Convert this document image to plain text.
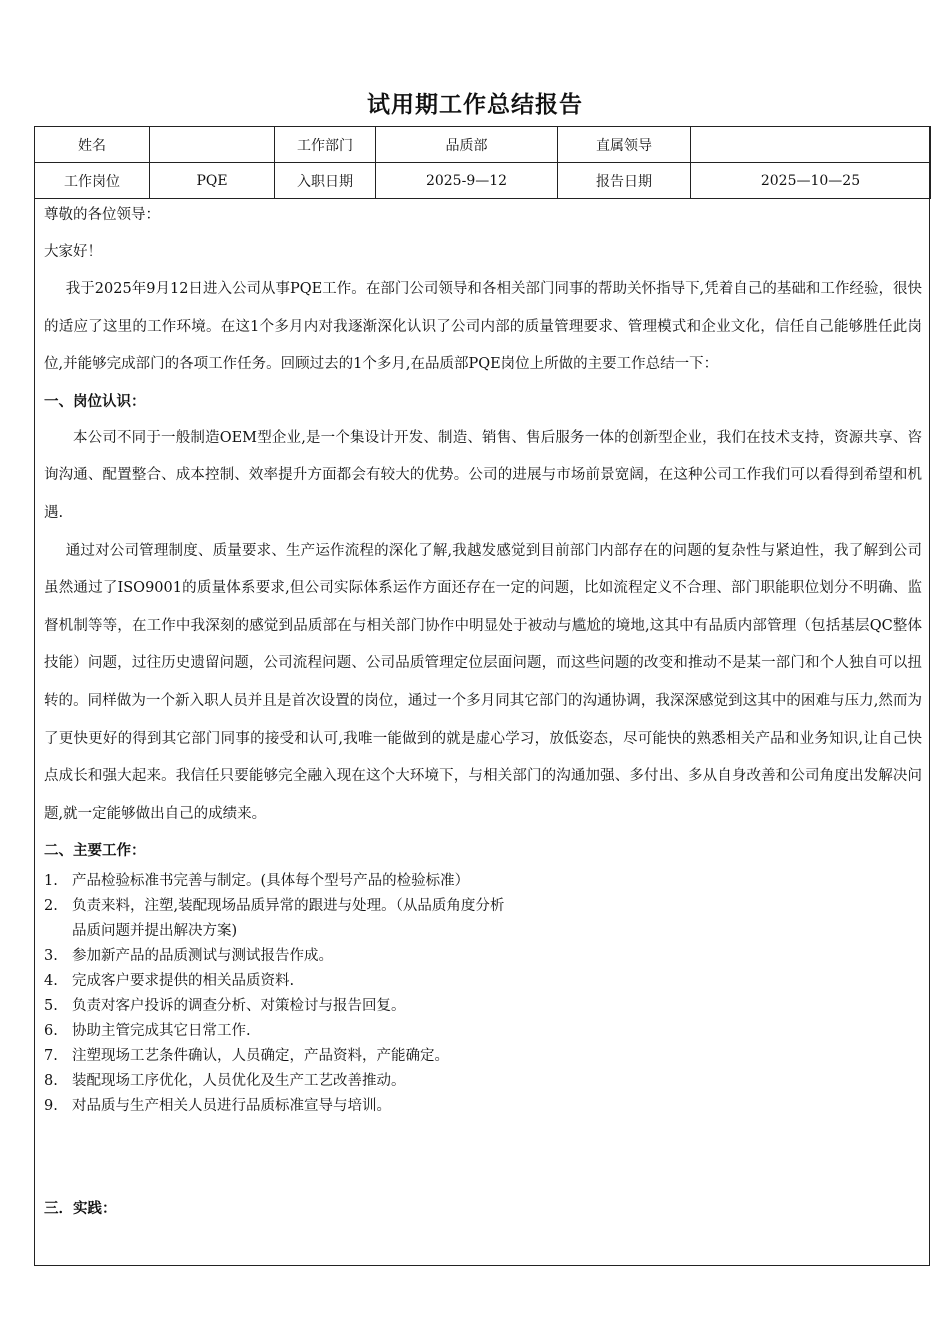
试用期工作总结报告
姓名		工作部门	品质部	直属领导	
工作岗位	PQE	入职日期	2025-9—12	报告日期	2025—10—25
尊敬的各位领导：
大家好！

我于2025年9月12日进入公司从事PQE工作。在部门公司领导和各相关部门同事的帮助关怀指导下,凭着自己的基础和工作经验，很快的适应了这里的工作环境。在这1个多月内对我逐渐深化认识了公司内部的质量管理要求、管理模式和企业文化，信任自己能够胜任此岗位,并能够完成部门的各项工作任务。回顾过去的1个多月,在品质部PQE岗位上所做的主要工作总结一下：

一、岗位认识：

本公司不同于一般制造OEM型企业,是一个集设计开发、制造、销售、售后服务一体的创新型企业，我们在技术支持，资源共享、咨询沟通、配置整合、成本控制、效率提升方面都会有较大的优势。公司的进展与市场前景宽阔，在这种公司工作我们可以看得到希望和机遇.

通过对公司管理制度、质量要求、生产运作流程的深化了解,我越发感觉到目前部门内部存在的问题的复杂性与紧迫性，我了解到公司虽然通过了ISO9001的质量体系要求,但公司实际体系运作方面还存在一定的问题，比如流程定义不合理、部门职能职位划分不明确、监督机制等等，在工作中我深刻的感觉到品质部在与相关部门协作中明显处于被动与尴尬的境地,这其中有品质内部管理（包括基层QC整体技能）问题，过往历史遗留问题，公司流程问题、公司品质管理定位层面问题，而这些问题的改变和推动不是某一部门和个人独自可以扭转的。同样做为一个新入职人员并且是首次设置的岗位，通过一个多月同其它部门的沟通协调，我深深感觉到这其中的困难与压力,然而为了更快更好的得到其它部门同事的接受和认可,我唯一能做到的就是虚心学习，放低姿态，尽可能快的熟悉相关产品和业务知识,让自己快点成长和强大起来。我信任只要能够完全融入现在这个大环境下，与相关部门的沟通加强、多付出、多从自身改善和公司角度出发解决问题,就一定能够做出自己的成绩来。

二、主要工作：
1. 产品检验标准书完善与制定。(具体每个型号产品的检验标准）
2. 负责来料，注塑,装配现场品质异常的跟进与处理。（从品质角度分析品质问题并提出解决方案)
3. 参加新产品的品质测试与测试报告作成。
4. 完成客户要求提供的相关品质资料.
5. 负责对客户投诉的调查分析、对策检讨与报告回复。
6. 协助主管完成其它日常工作.
7. 注塑现场工艺条件确认，人员确定，产品资料，产能确定。
8. 装配现场工序优化，人员优化及生产工艺改善推动。
9. 对品质与生产相关人员进行品质标准宣导与培训。
三．实践：
